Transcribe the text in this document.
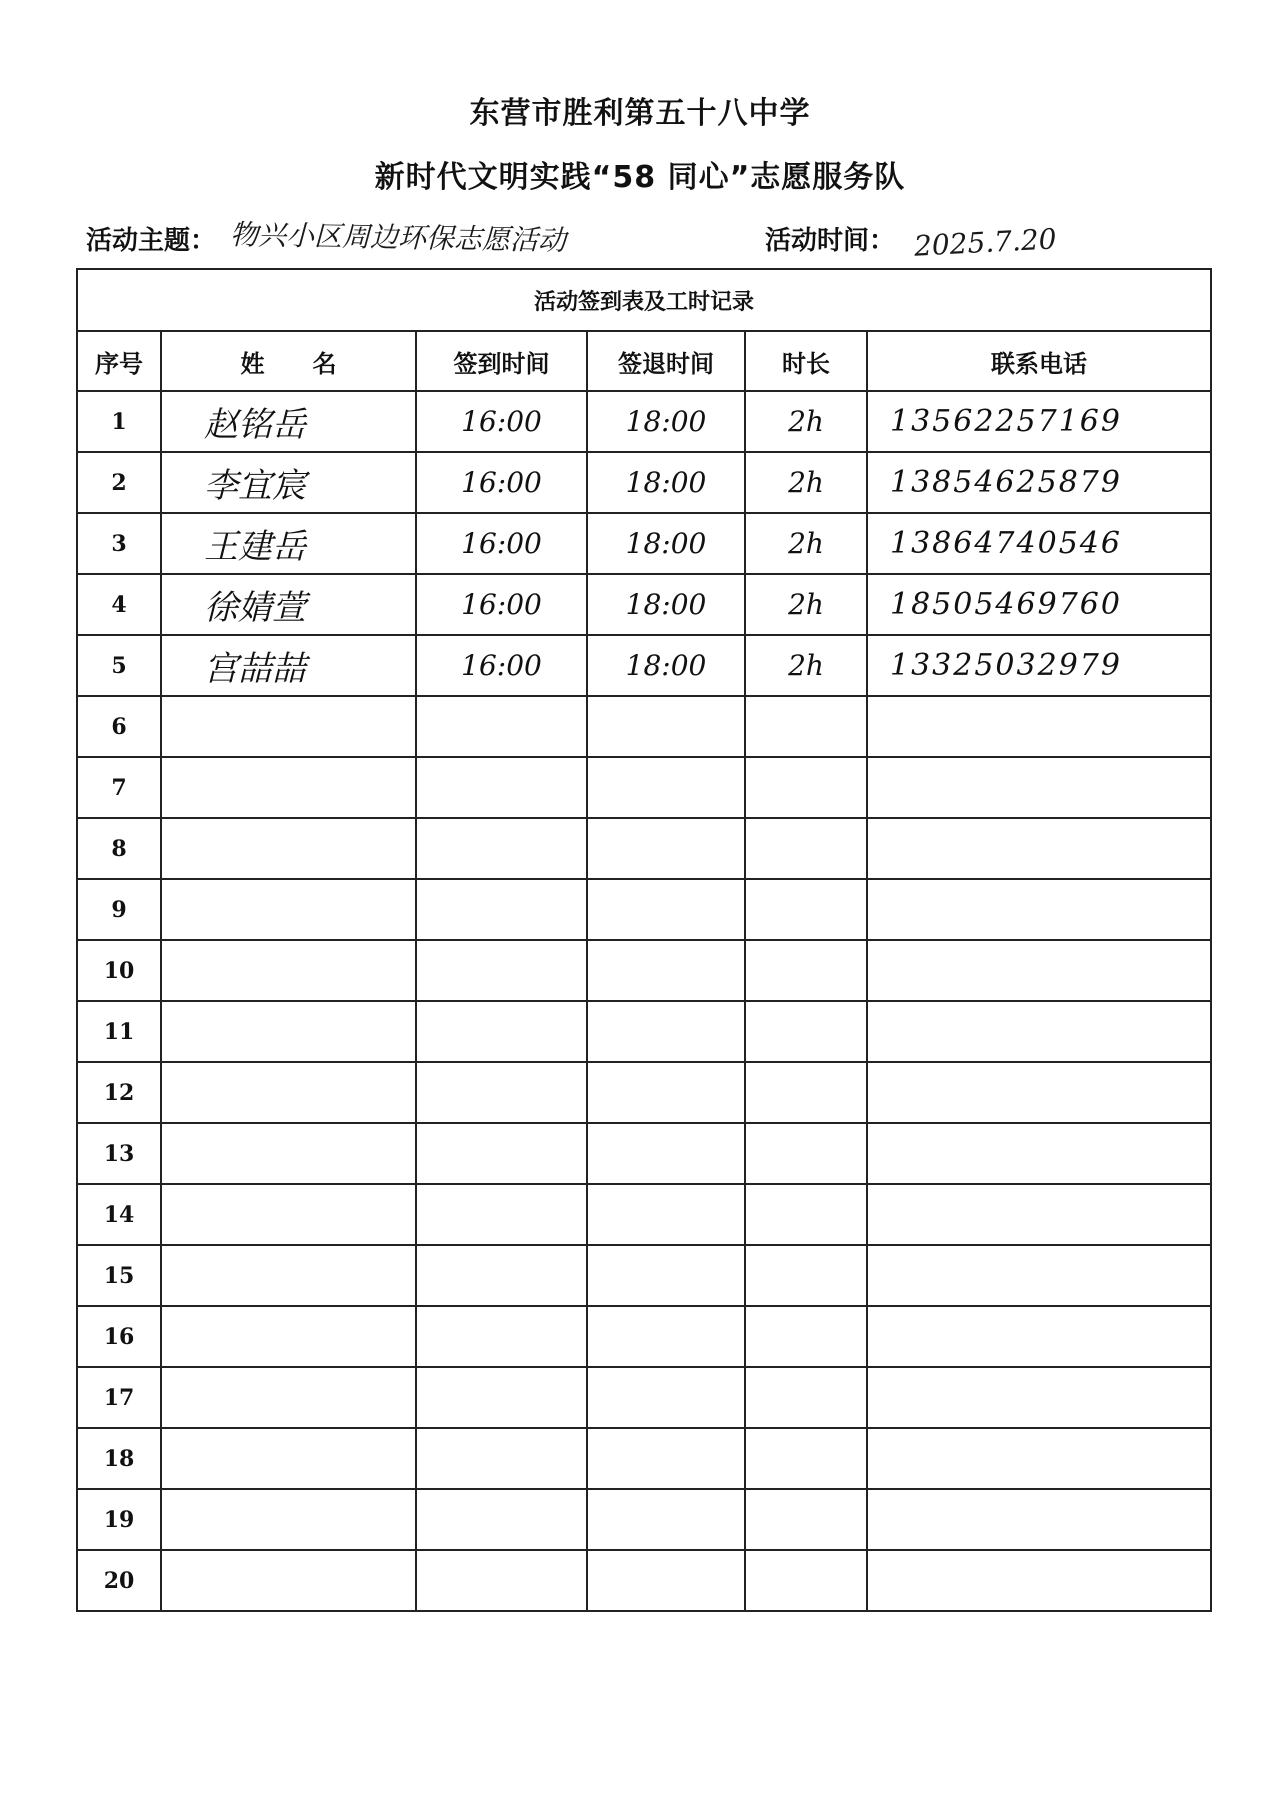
东营市胜利第五十八中学
新时代文明实践“58 同心”志愿服务队
活动主题： 物兴小区周边环保志愿活动	活动时间： 2025.7.20
活动签到表及工时记录					
序号	姓　　名	签到时间	签退时间	时长	联系电话
1	赵铭岳	16:00	18:00	2h	13562257169
2	李宜宸	16:00	18:00	2h	13854625879
3	王建岳	16:00	18:00	2h	13864740546
4	徐婧萱	16:00	18:00	2h	18505469760
5	宫喆喆	16:00	18:00	2h	13325032979
6					
7					
8					
9					
10					
11					
12					
13					
14					
15					
16					
17					
18					
19					
20					
